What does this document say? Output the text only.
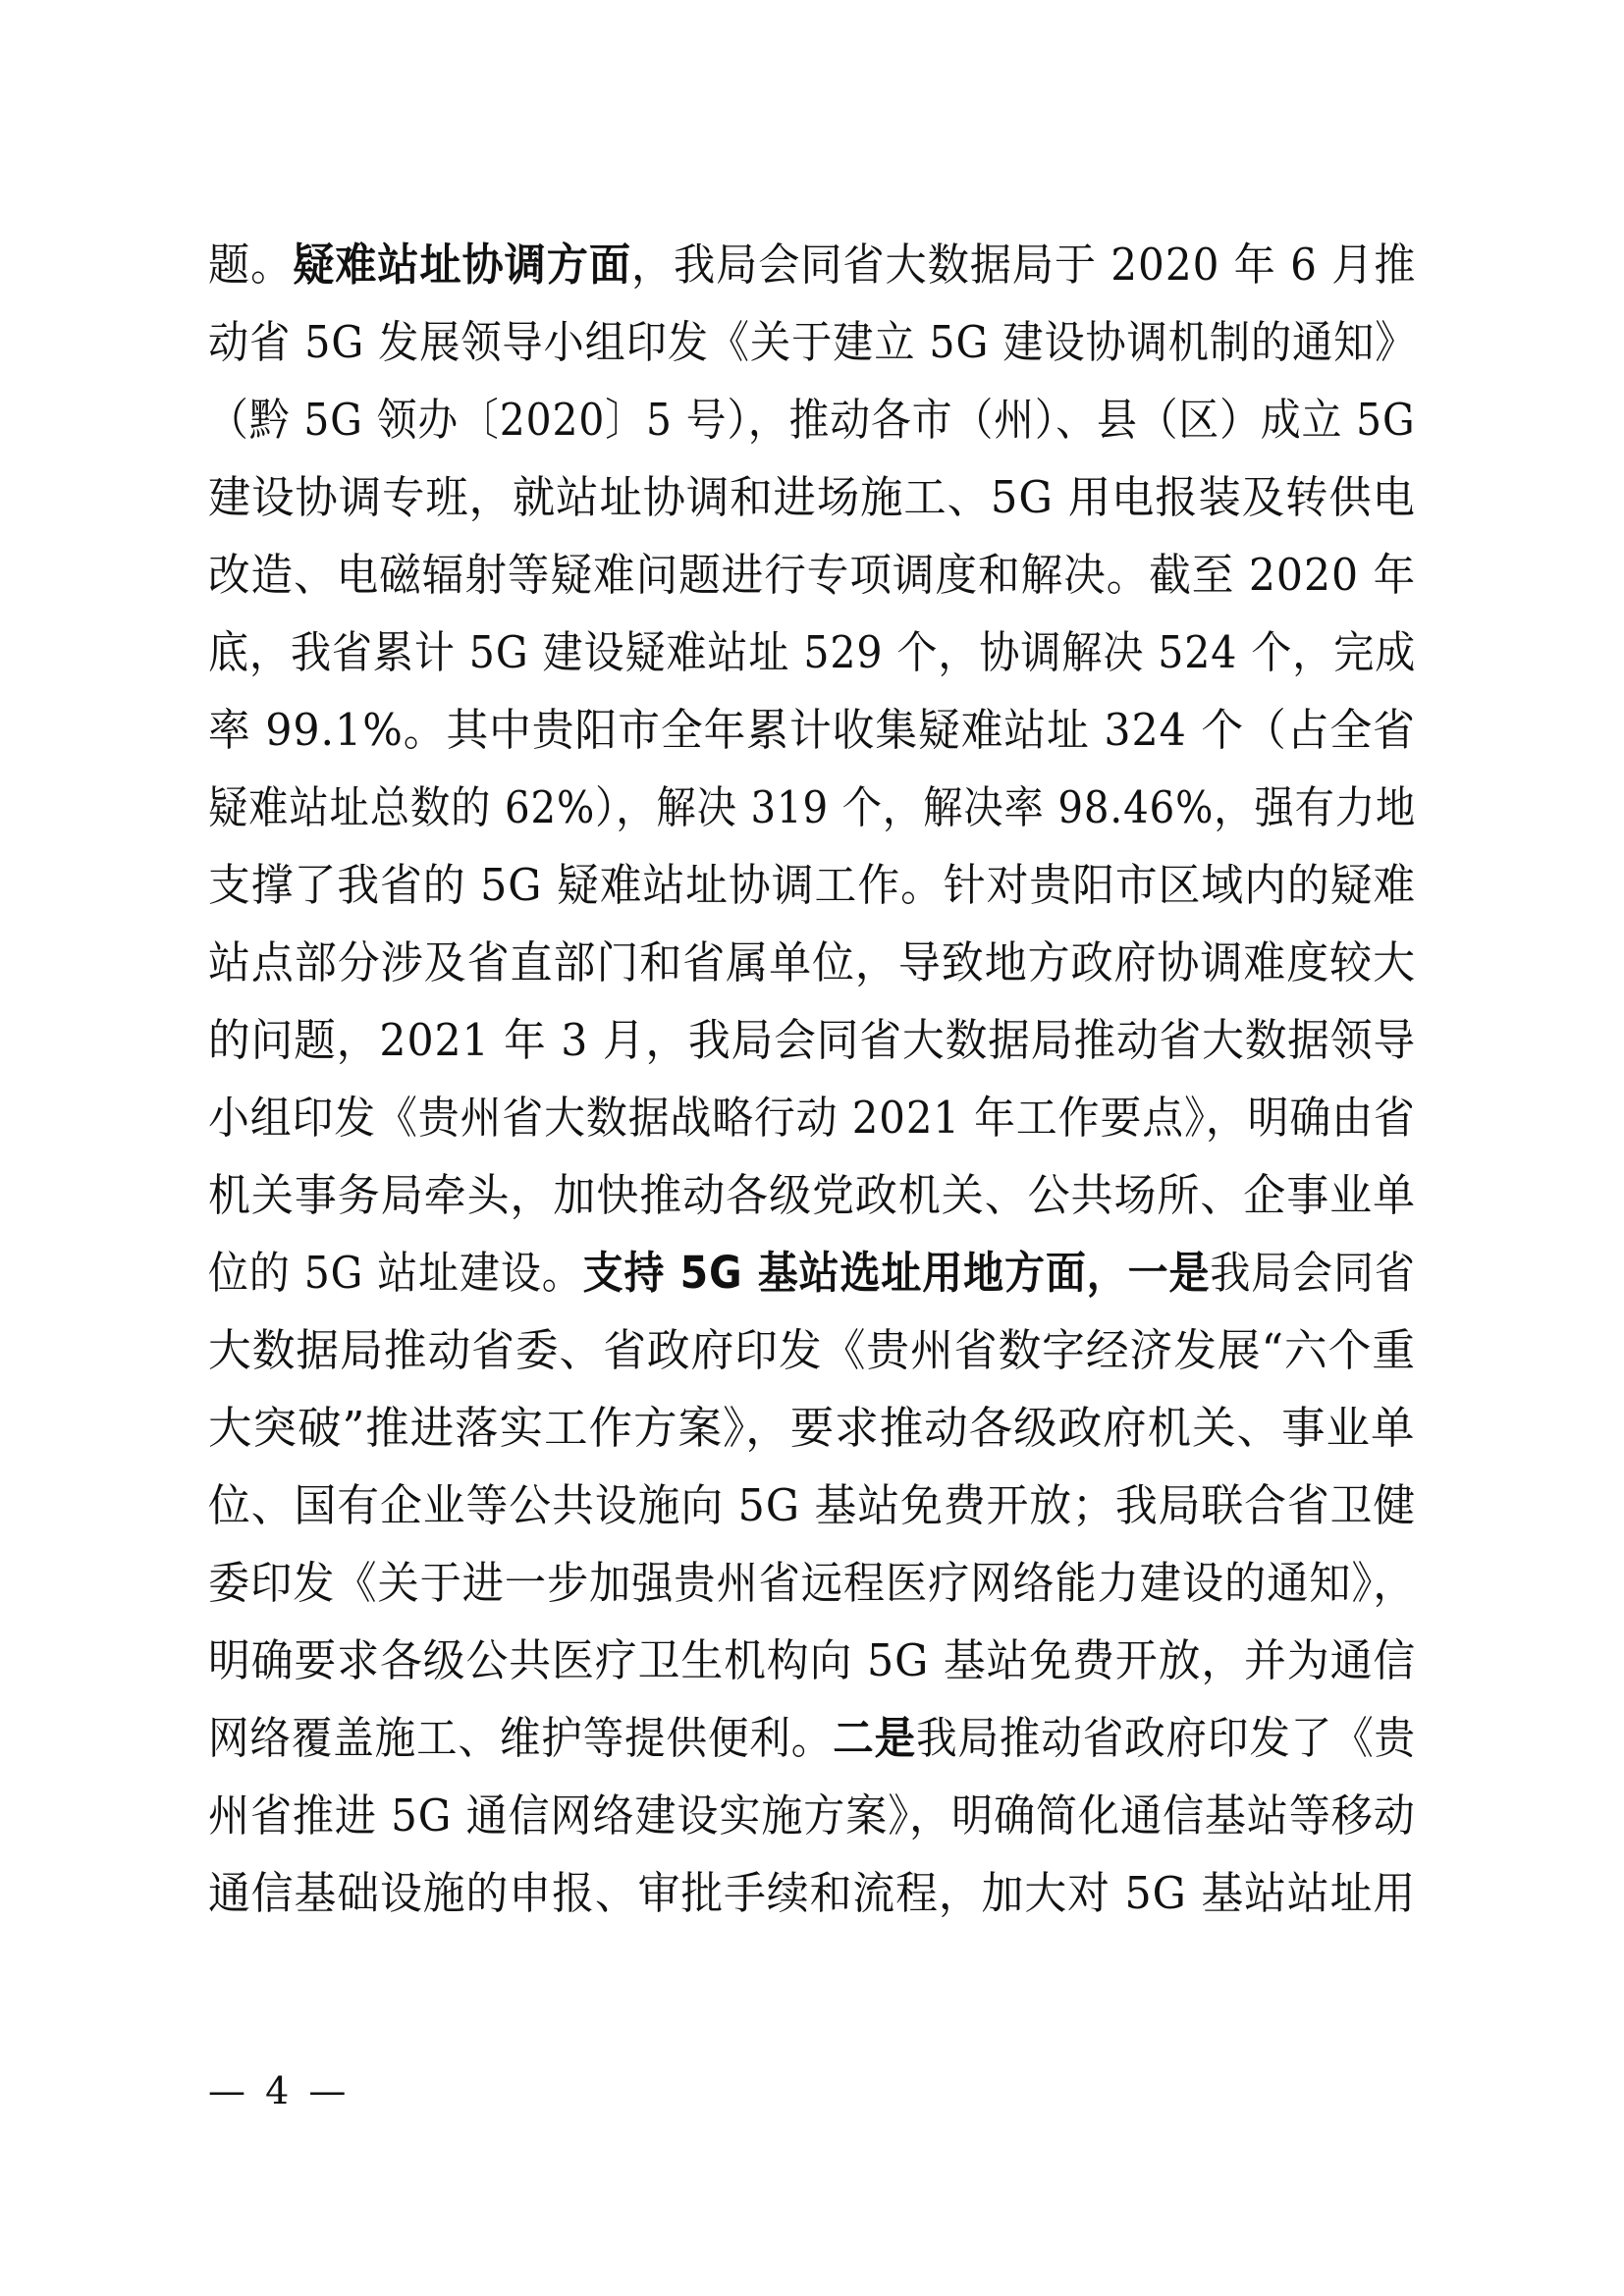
题。疑难站址协调方面，我局会同省大数据局于 2020 年 6 月推
动省 5G 发展领导小组印发《关于建立 5G 建设协调机制的通知》
（黔 5G 领办〔2020〕5 号），推动各市（州）、县（区）成立 5G
建设协调专班，就站址协调和进场施工、5G 用电报装及转供电
改造、电磁辐射等疑难问题进行专项调度和解决。截至 2020 年
底，我省累计 5G 建设疑难站址 529 个，协调解决 524 个，完成
率 99.1%。其中贵阳市全年累计收集疑难站址 324 个（占全省
疑难站址总数的 62%），解决 319 个，解决率 98.46%，强有力地
支撑了我省的 5G 疑难站址协调工作。针对贵阳市区域内的疑难
站点部分涉及省直部门和省属单位，导致地方政府协调难度较大
的问题，2021 年 3 月，我局会同省大数据局推动省大数据领导
小组印发《贵州省大数据战略行动 2021 年工作要点》，明确由省
机关事务局牵头，加快推动各级党政机关、公共场所、企事业单
位的 5G 站址建设。支持 5G 基站选址用地方面，一是我局会同省
大数据局推动省委、省政府印发《贵州省数字经济发展“六个重
大突破”推进落实工作方案》，要求推动各级政府机关、事业单
位、国有企业等公共设施向 5G 基站免费开放；我局联合省卫健
委印发《关于进一步加强贵州省远程医疗网络能力建设的通知》，
明确要求各级公共医疗卫生机构向 5G 基站免费开放，并为通信
网络覆盖施工、维护等提供便利。二是我局推动省政府印发了《贵
州省推进 5G 通信网络建设实施方案》，明确简化通信基站等移动
通信基础设施的申报、审批手续和流程，加大对 5G 基站站址用
— 4 —
